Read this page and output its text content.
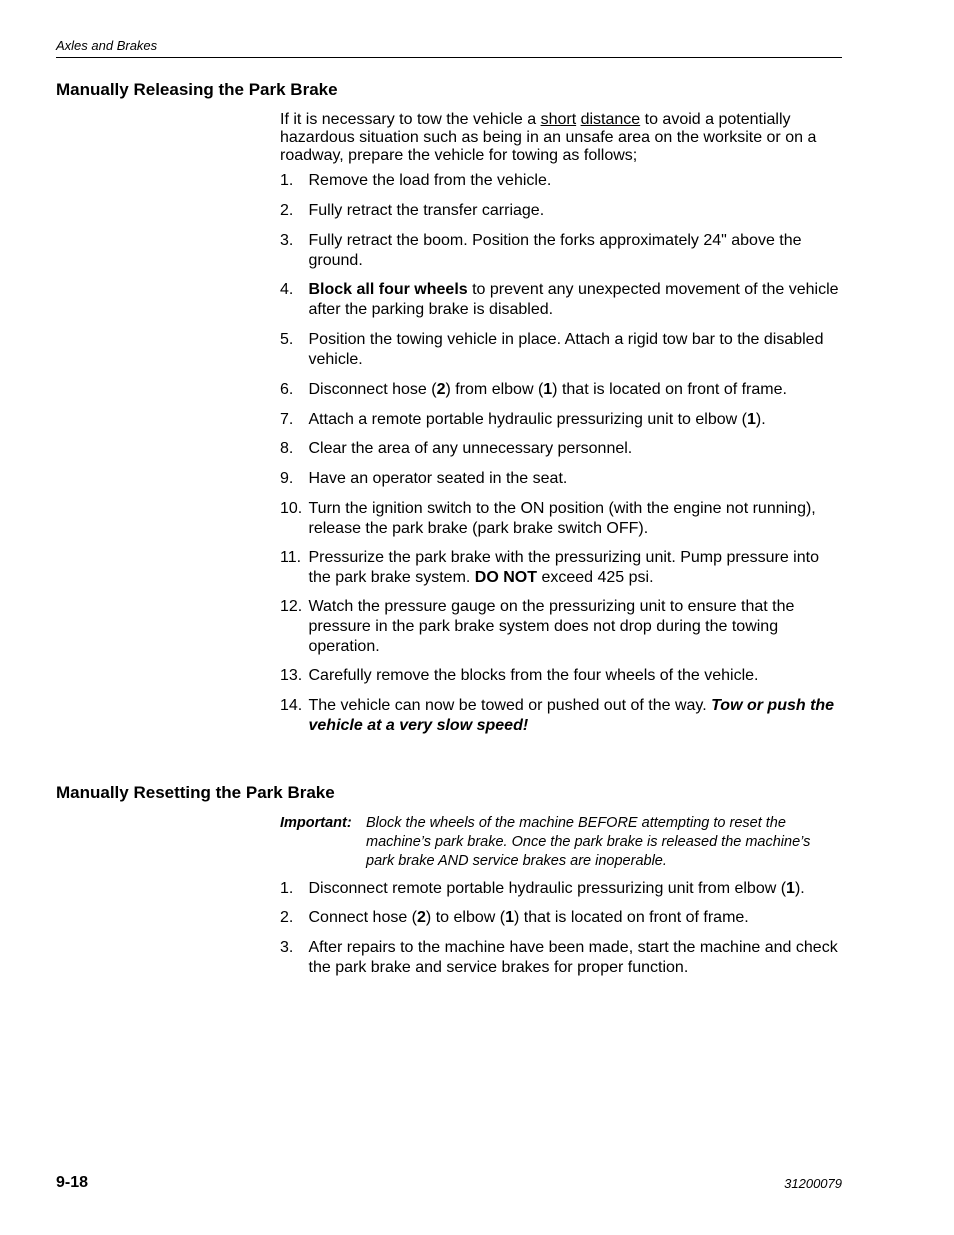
Axles and Brakes
Manually Releasing the Park Brake

If it is necessary to tow the vehicle a short distance to avoid a potentially hazardous situation such as being in an unsafe area on the worksite or on a roadway, prepare the vehicle for towing as follows;

1. Remove the load from the vehicle.
2. Fully retract the transfer carriage.
3. Fully retract the boom. Position the forks approximately 24" above the ground.
4. Block all four wheels to prevent any unexpected movement of the vehicle after the parking brake is disabled.
5. Position the towing vehicle in place. Attach a rigid tow bar to the disabled vehicle.
6. Disconnect hose (2) from elbow (1) that is located on front of frame.
7. Attach a remote portable hydraulic pressurizing unit to elbow (1).
8. Clear the area of any unnecessary personnel.
9. Have an operator seated in the seat.
10. Turn the ignition switch to the ON position (with the engine not running), release the park brake (park brake switch OFF).
11. Pressurize the park brake with the pressurizing unit. Pump pressure into the park brake system. DO NOT exceed 425 psi.
12. Watch the pressure gauge on the pressurizing unit to ensure that the pressure in the park brake system does not drop during the towing operation.
13. Carefully remove the blocks from the four wheels of the vehicle.
14. The vehicle can now be towed or pushed out of the way. Tow or push the vehicle at a very slow speed!
Manually Resetting the Park Brake
Important: Block the wheels of the machine BEFORE attempting to reset the machine’s park brake. Once the park brake is released the machine’s park brake AND service brakes are inoperable.
1. Disconnect remote portable hydraulic pressurizing unit from elbow (1).
2. Connect hose (2) to elbow (1) that is located on front of frame.
3. After repairs to the machine have been made, start the machine and check the park brake and service brakes for proper function.
9-18	31200079
